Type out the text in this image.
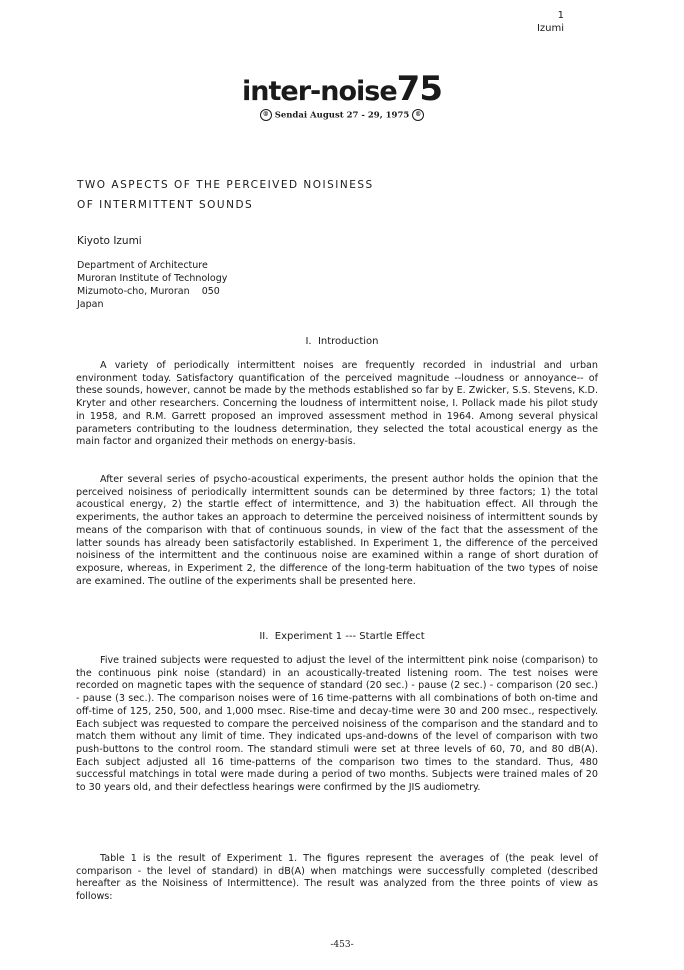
1
Izumi
inter-noise75
® Sendai August 27 - 29, 1975 ®
TWO ASPECTS OF THE PERCEIVED NOISINESS
OF INTERMITTENT SOUNDS
Kiyoto Izumi
Department of Architecture
Muroran Institute of Technology
Mizumoto-cho, Muroran    050
Japan
I.  Introduction

A variety of periodically intermittent noises are frequently recorded in industrial and urban environment today. Satisfactory quantification of the perceived magnitude --loudness or annoyance-- of these sounds, however, cannot be made by the methods established so far by E. Zwicker, S.S. Stevens, K.D. Kryter and other researchers. Concerning the loudness of intermittent noise, I. Pollack made his pilot study in 1958, and R.M. Garrett proposed an improved assessment method in 1964. Among several physical parameters contributing to the loudness determination, they selected the total acoustical energy as the main factor and organized their methods on energy-basis.

After several series of psycho-acoustical experiments, the present author holds the opinion that the perceived noisiness of periodically intermittent sounds can be determined by three factors; 1) the total acoustical energy, 2) the startle effect of intermittence, and 3) the habituation effect. All through the experiments, the author takes an approach to determine the perceived noisiness of intermittent sounds by means of the comparison with that of continuous sounds, in view of the fact that the assessment of the latter sounds has already been satisfactorily established. In Experiment 1, the difference of the perceived noisiness of the intermittent and the continuous noise are examined within a range of short duration of exposure, whereas, in Experiment 2, the difference of the long-term habituation of the two types of noise are examined. The outline of the experiments shall be presented here.

II.  Experiment 1 --- Startle Effect

Five trained subjects were requested to adjust the level of the intermittent pink noise (comparison) to the continuous pink noise (standard) in an acoustically-treated listening room. The test noises were recorded on magnetic tapes with the sequence of standard (20 sec.) - pause (2 sec.) - comparison (20 sec.) - pause (3 sec.). The comparison noises were of 16 time-patterns with all combinations of both on-time and off-time of 125, 250, 500, and 1,000 msec. Rise-time and decay-time were 30 and 200 msec., respectively. Each subject was requested to compare the perceived noisiness of the comparison and the standard and to match them without any limit of time. They indicated ups-and-downs of the level of comparison with two push-buttons to the control room. The standard stimuli were set at three levels of 60, 70, and 80 dB(A). Each subject adjusted all 16 time-patterns of the comparison two times to the standard. Thus, 480 successful matchings in total were made during a period of two months. Subjects were trained males of 20 to 30 years old, and their defectless hearings were confirmed by the JIS audiometry.

Table 1 is the result of Experiment 1. The figures represent the averages of (the peak level of comparison - the level of standard) in dB(A) when matchings were successfully completed (described hereafter as the Noisiness of Intermittence). The result was analyzed from the three points of view as follows:

-453-
